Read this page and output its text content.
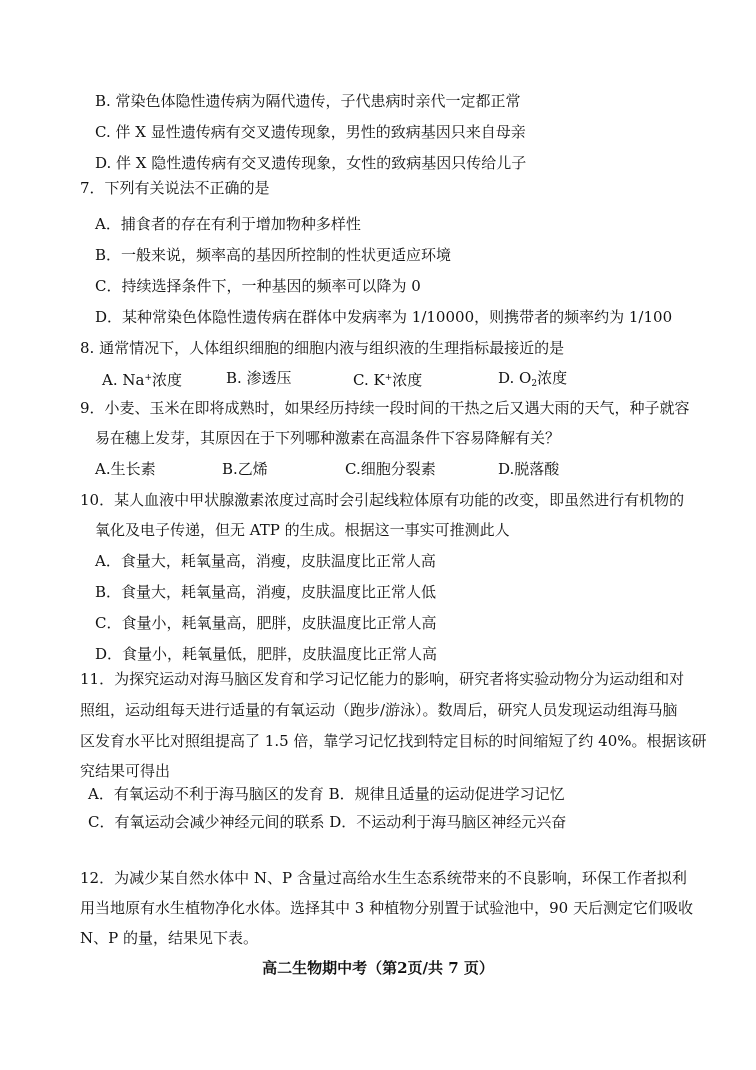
B. 常染色体隐性遗传病为隔代遗传，子代患病时亲代一定都正常
C. 伴 X 显性遗传病有交叉遗传现象，男性的致病基因只来自母亲
D. 伴 X 隐性遗传病有交叉遗传现象，女性的致病基因只传给儿子
7．下列有关说法不正确的是
A．捕食者的存在有利于增加物种多样性
B．一般来说，频率高的基因所控制的性状更适应环境
C．持续选择条件下，一种基因的频率可以降为 0
D．某种常染色体隐性遗传病在群体中发病率为 1/10000，则携带者的频率约为 1/100
8. 通常情况下，人体组织细胞的细胞内液与组织液的生理指标最接近的是
A. Na+浓度	B. 渗透压	C. K+浓度	D. $O_2$浓度
9．小麦、玉米在即将成熟时，如果经历持续一段时间的干热之后又遇大雨的天气，种子就容
易在穗上发芽，其原因在于下列哪种激素在高温条件下容易降解有关？
A.生长素	B.乙烯	C.细胞分裂素	D.脱落酸
10．某人血液中甲状腺激素浓度过高时会引起线粒体原有功能的改变，即虽然进行有机物的
氧化及电子传递，但无 ATP 的生成。根据这一事实可推测此人
A．食量大，耗氧量高，消瘦，皮肤温度比正常人高
B．食量大，耗氧量高，消瘦，皮肤温度比正常人低
C．食量小，耗氧量高，肥胖，皮肤温度比正常人高
D．食量小，耗氧量低，肥胖，皮肤温度比正常人高
11．为探究运动对海马脑区发育和学习记忆能力的影响，研究者将实验动物分为运动组和对
照组，运动组每天进行适量的有氧运动（跑步/游泳）。数周后，研究人员发现运动组海马脑
区发育水平比对照组提高了 1.5 倍，靠学习记忆找到特定目标的时间缩短了约 40%。根据该研
究结果可得出
A．有氧运动不利于海马脑区的发育 B．规律且适量的运动促进学习记忆
C．有氧运动会减少神经元间的联系 D．不运动利于海马脑区神经元兴奋
12．为减少某自然水体中 N、P 含量过高给水生生态系统带来的不良影响，环保工作者拟利
用当地原有水生植物净化水体。选择其中 3 种植物分别置于试验池中，90 天后测定它们吸收
N、P 的量，结果见下表。
高二生物期中考（第2页/共 7 页）
